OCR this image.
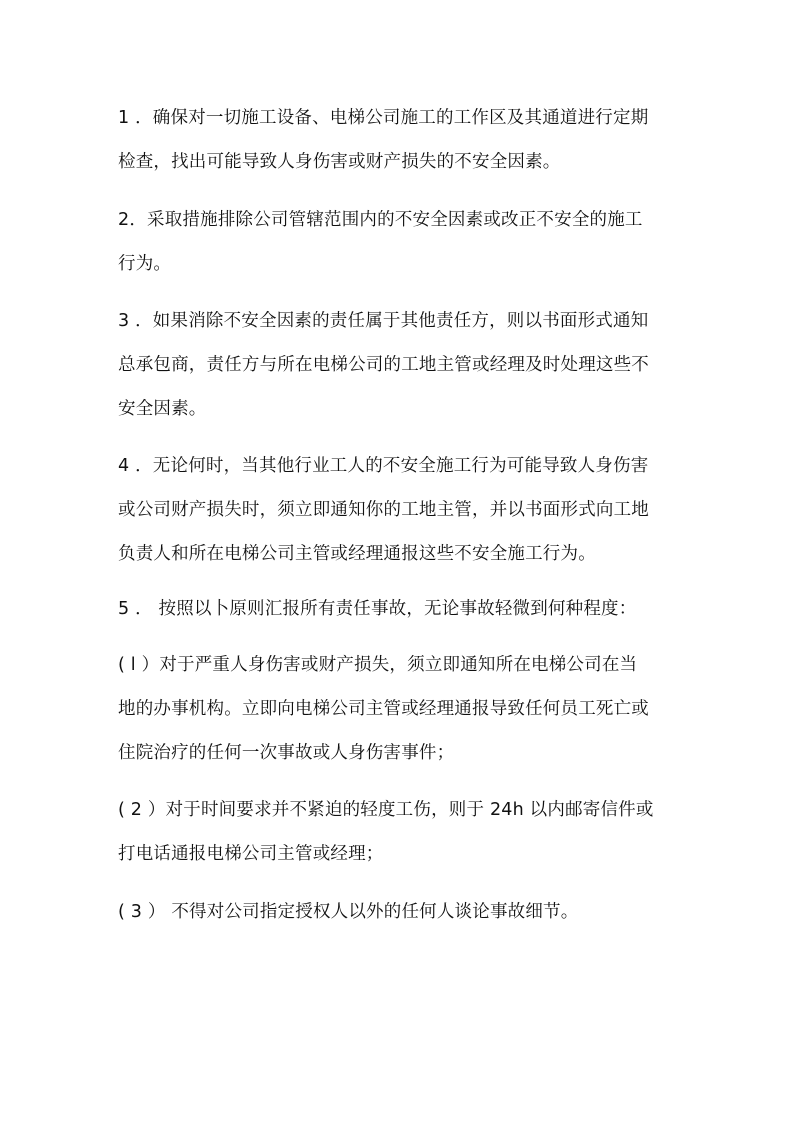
1 ．确保对一切施工设备、电梯公司施工的工作区及其通道进行定期
检查，找出可能导致人身伤害或财产损失的不安全因素。

2．采取措施排除公司管辖范围内的不安全因素或改正不安全的施工
行为。

3 ．如果消除不安全因素的责任属于其他责任方，则以书面形式通知
总承包商，责任方与所在电梯公司的工地主管或经理及时处理这些不
安全因素。

4 ．无论何时，当其他行业工人的不安全施工行为可能导致人身伤害
或公司财产损失时，须立即通知你的工地主管，并以书面形式向工地
负责人和所在电梯公司主管或经理通报这些不安全施工行为。

5 ． 按照以卜原则汇报所有责任事故，无论事故轻微到何种程度：

( l ）对于严重人身伤害或财产损失，须立即通知所在电梯公司在当
地的办事机构。立即向电梯公司主管或经理通报导致任何员工死亡或
住院治疗的任何一次事故或人身伤害事件；

( 2 ）对于时间要求并不紧迫的轻度工伤，则于 24h 以内邮寄信件或
打电话通报电梯公司主管或经理；

( 3 ） 不得对公司指定授权人以外的任何人谈论事故细节。
